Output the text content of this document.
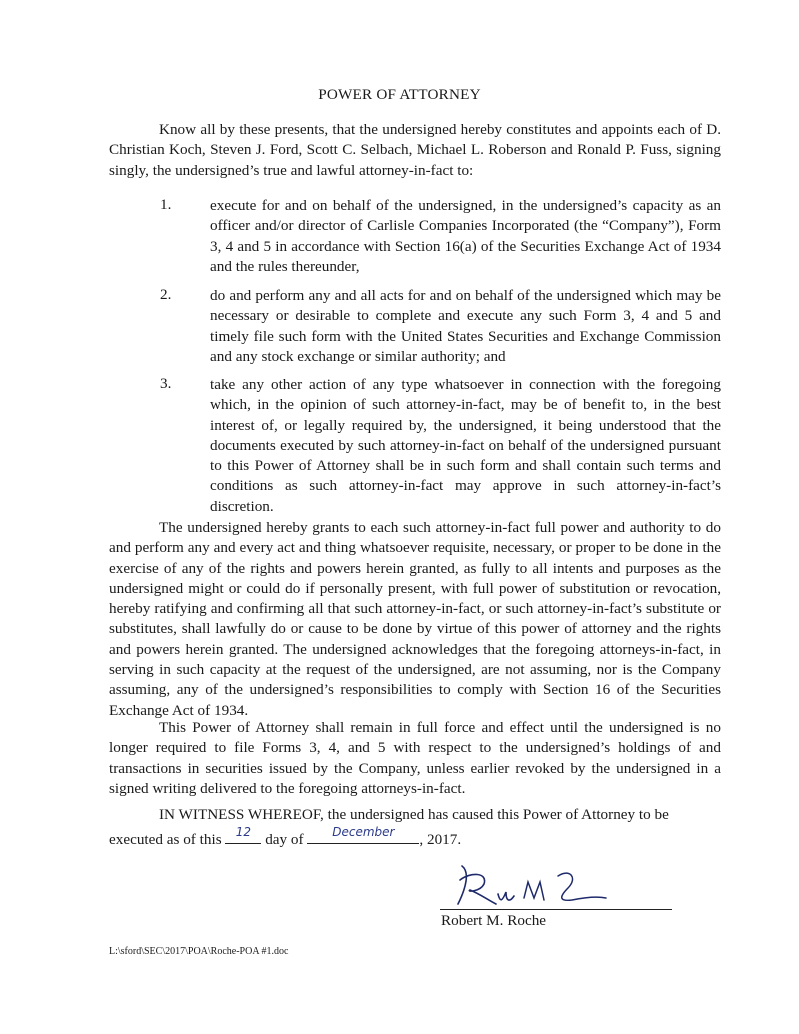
POWER OF ATTORNEY
Know all by these presents, that the undersigned hereby constitutes and appoints each of D. Christian Koch, Steven J. Ford, Scott C. Selbach, Michael L. Roberson and Ronald P. Fuss, signing singly, the undersigned’s true and lawful attorney-in-fact to:
1.	execute for and on behalf of the undersigned, in the undersigned’s capacity as an officer and/or director of Carlisle Companies Incorporated (the “Company”), Form 3, 4 and 5 in accordance with Section 16(a) of the Securities Exchange Act of 1934 and the rules thereunder,
2.	do and perform any and all acts for and on behalf of the undersigned which may be necessary or desirable to complete and execute any such Form 3, 4 and 5 and timely file such form with the United States Securities and Exchange Commission and any stock exchange or similar authority; and
3.	take any other action of any type whatsoever in connection with the foregoing which, in the opinion of such attorney-in-fact, may be of benefit to, in the best interest of, or legally required by, the undersigned, it being understood that the documents executed by such attorney-in-fact on behalf of the undersigned pursuant to this Power of Attorney shall be in such form and shall contain such terms and conditions as such attorney-in-fact may approve in such attorney-in-fact’s discretion.
The undersigned hereby grants to each such attorney-in-fact full power and authority to do and perform any and every act and thing whatsoever requisite, necessary, or proper to be done in the exercise of any of the rights and powers herein granted, as fully to all intents and purposes as the undersigned might or could do if personally present, with full power of substitution or revocation, hereby ratifying and confirming all that such attorney-in-fact, or such attorney-in-fact’s substitute or substitutes, shall lawfully do or cause to be done by virtue of this power of attorney and the rights and powers herein granted. The undersigned acknowledges that the foregoing attorneys-in-fact, in serving in such capacity at the request of the undersigned, are not assuming, nor is the Company assuming, any of the undersigned’s responsibilities to comply with Section 16 of the Securities Exchange Act of 1934.
This Power of Attorney shall remain in full force and effect until the undersigned is no longer required to file Forms 3, 4, and 5 with respect to the undersigned’s holdings of and transactions in securities issued by the Company, unless earlier revoked by the undersigned in a signed writing delivered to the foregoing attorneys-in-fact.
IN WITNESS WHEREOF, the undersigned has caused this Power of Attorney to be
executed as of this	12 day of	December	, 2017.
Robert M. Roche
L:\sford\SEC\2017\POA\Roche-POA #1.doc
